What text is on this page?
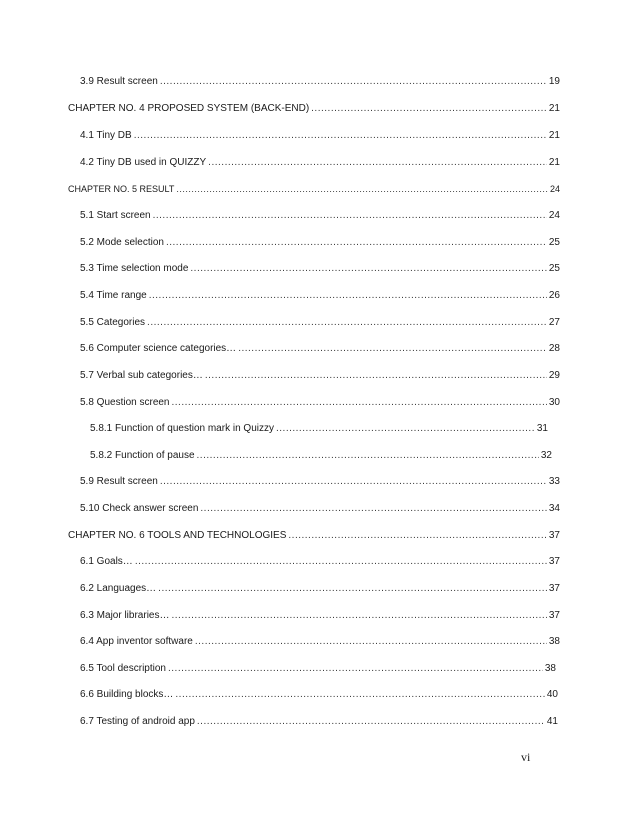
3.9 Result screen .....	19
CHAPTER NO. 4 PROPOSED SYSTEM (BACK-END) .....	21
4.1 Tiny DB .....	21
4.2 Tiny DB used in QUIZZY .....	21
CHAPTER NO. 5 RESULT .....	24
5.1 Start screen .....	24
5.2 Mode selection .....	25
5.3 Time selection mode .....	25
5.4 Time range .....	26
5.5 Categories .....	27
5.6 Computer science categories… .....	28
5.7 Verbal sub categories… .....	29
5.8 Question screen .....	30
5.8.1 Function of question mark in Quizzy .....	31
5.8.2 Function of pause .....	32
5.9 Result screen .....	33
5.10 Check answer screen .....	34
CHAPTER NO. 6 TOOLS AND TECHNOLOGIES .....	37
6.1 Goals… .....	37
6.2 Languages… .....	37
6.3 Major libraries… .....	37
6.4 App inventor software .....	38
6.5 Tool description .....	38
6.6 Building blocks… .....	40
6.7 Testing of android app .....	41
vi
